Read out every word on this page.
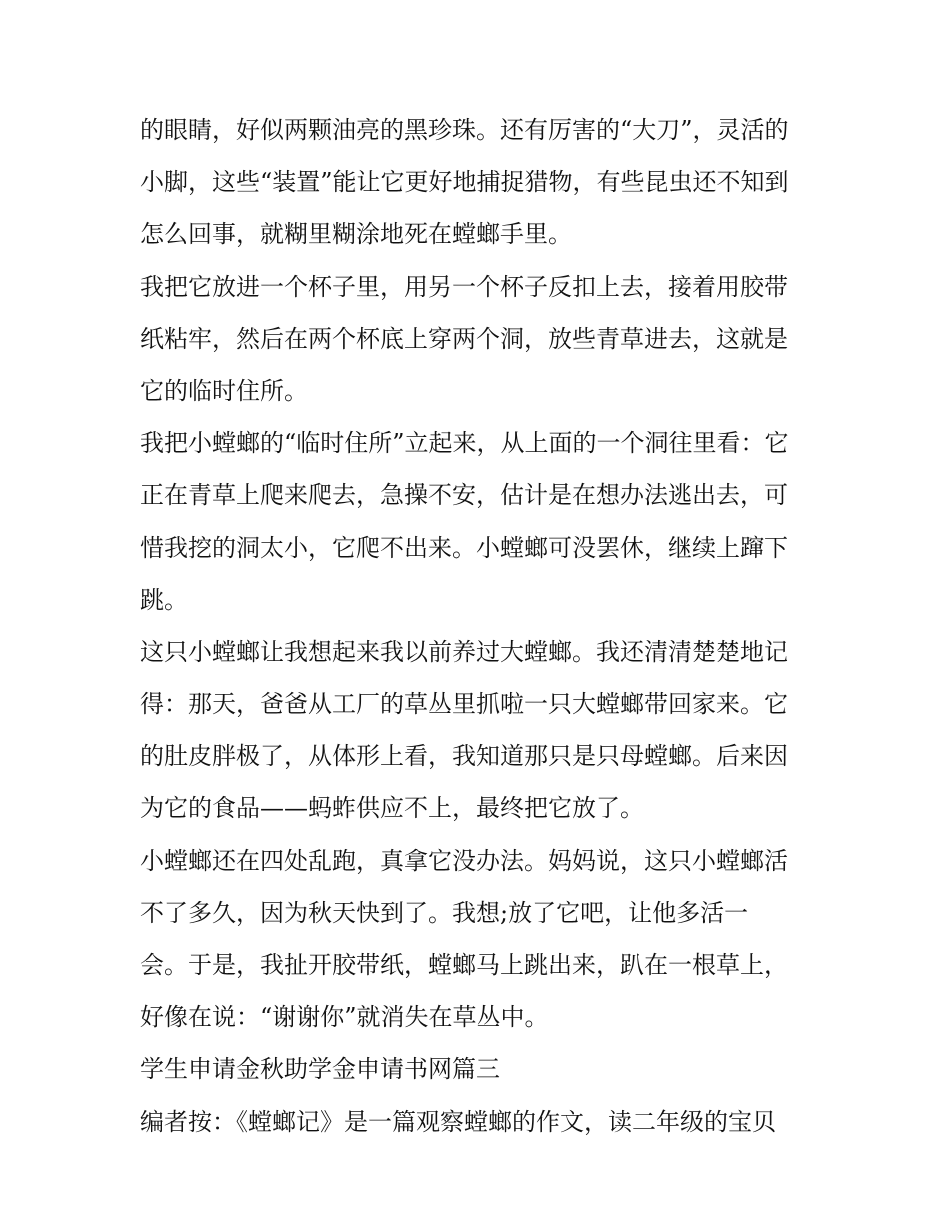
的眼睛，好似两颗油亮的黑珍珠。还有厉害的“大刀”，灵活的
小脚，这些“装置”能让它更好地捕捉猎物，有些昆虫还不知到
怎么回事，就糊里糊涂地死在螳螂手里。
我把它放进一个杯子里，用另一个杯子反扣上去，接着用胶带
纸粘牢，然后在两个杯底上穿两个洞，放些青草进去，这就是
它的临时住所。
我把小螳螂的“临时住所”立起来，从上面的一个洞往里看：它
正在青草上爬来爬去，急操不安，估计是在想办法逃出去，可
惜我挖的洞太小，它爬不出来。小螳螂可没罢休，继续上蹿下
跳。
这只小螳螂让我想起来我以前养过大螳螂。我还清清楚楚地记
得：那天，爸爸从工厂的草丛里抓啦一只大螳螂带回家来。它
的肚皮胖极了，从体形上看，我知道那只是只母螳螂。后来因
为它的食品——蚂蚱供应不上，最终把它放了。
小螳螂还在四处乱跑，真拿它没办法。妈妈说，这只小螳螂活
不了多久，因为秋天快到了。我想;放了它吧，让他多活一
会。于是，我扯开胶带纸，螳螂马上跳出来，趴在一根草上，
好像在说：“谢谢你”就消失在草丛中。
学生申请金秋助学金申请书网篇三
编者按：《螳螂记》是一篇观察螳螂的作文，读二年级的宝贝
